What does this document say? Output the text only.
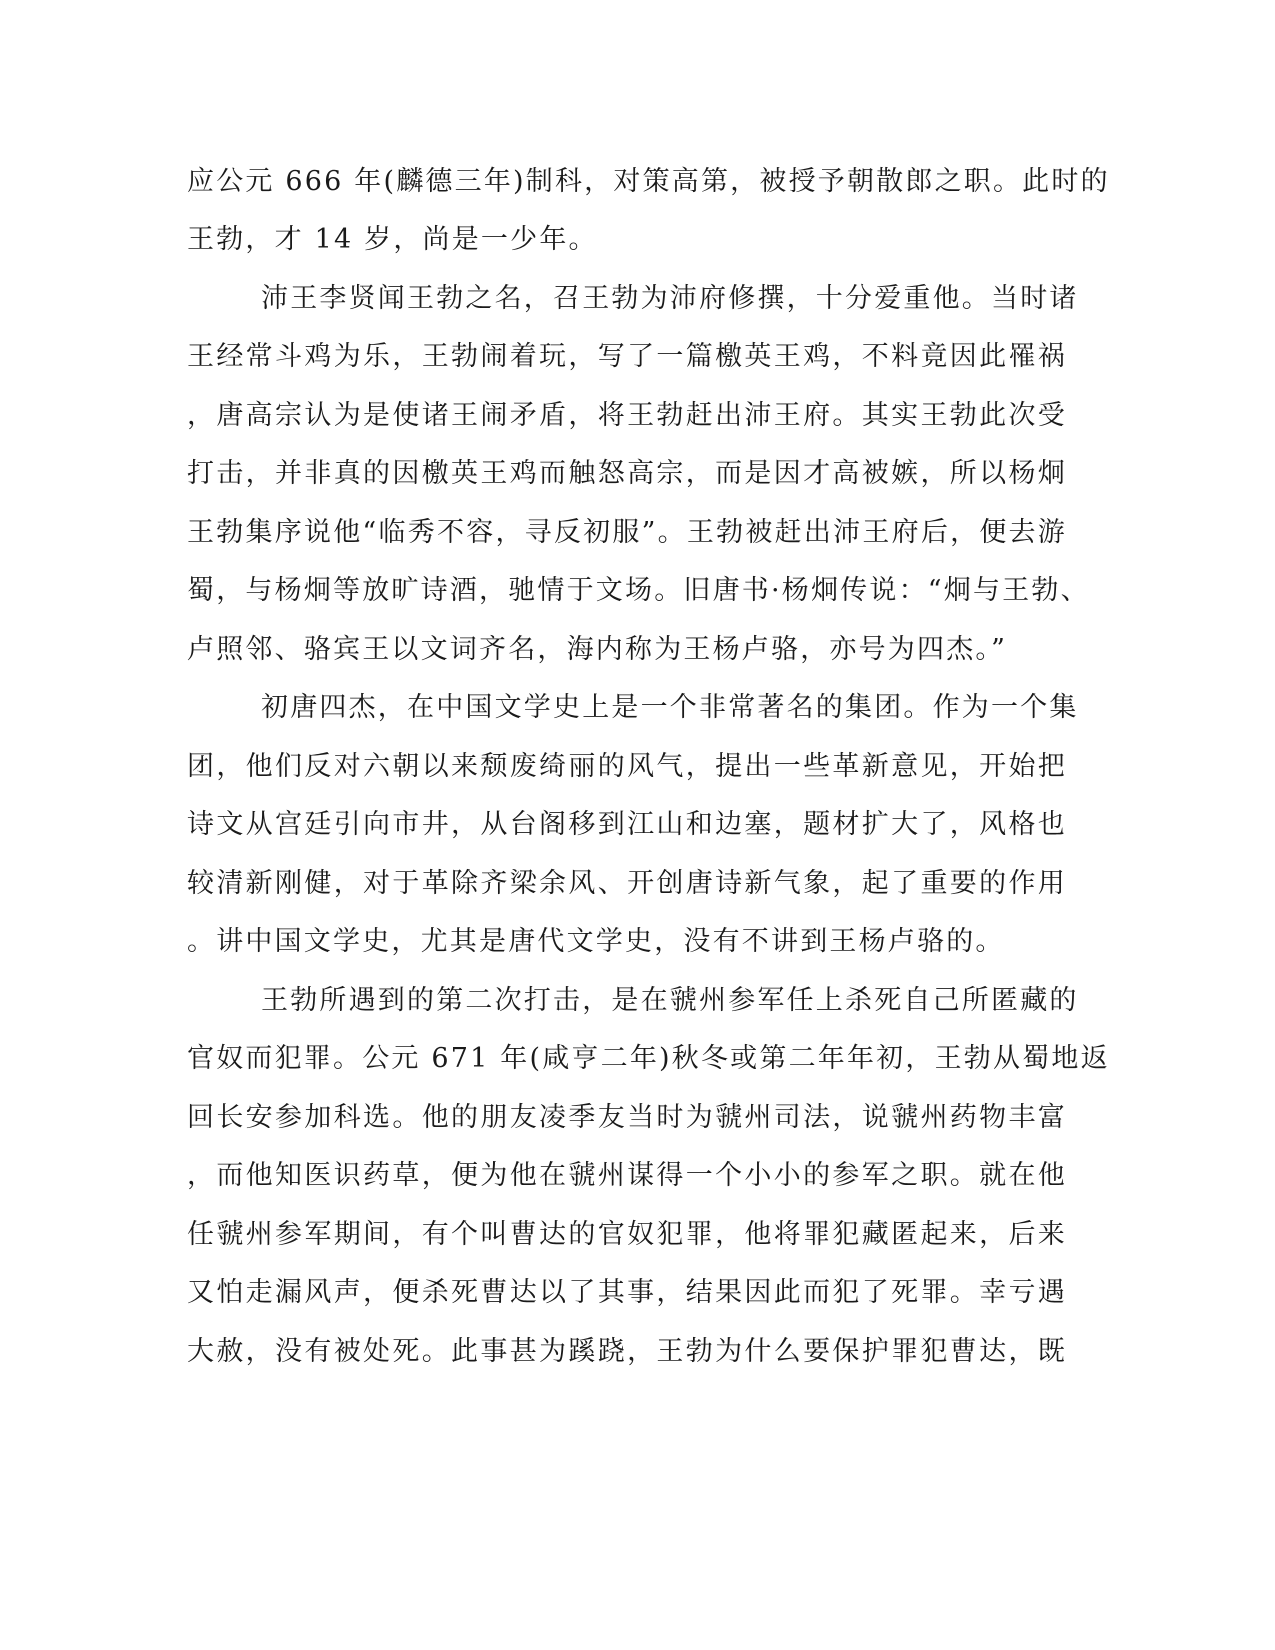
应公元 666 年(麟德三年)制科，对策高第，被授予朝散郎之职。此时的
王勃，才 14 岁，尚是一少年。
沛王李贤闻王勃之名，召王勃为沛府修撰，十分爱重他。当时诸
王经常斗鸡为乐，王勃闹着玩，写了一篇檄英王鸡，不料竟因此罹祸
，唐高宗认为是使诸王闹矛盾，将王勃赶出沛王府。其实王勃此次受
打击，并非真的因檄英王鸡而触怒高宗，而是因才高被嫉，所以杨炯
王勃集序说他“临秀不容，寻反初服”。王勃被赶出沛王府后，便去游
蜀，与杨炯等放旷诗酒，驰情于文场。旧唐书·杨炯传说：“炯与王勃、
卢照邻、骆宾王以文词齐名，海内称为王杨卢骆，亦号为四杰。”
初唐四杰，在中国文学史上是一个非常著名的集团。作为一个集
团，他们反对六朝以来颓废绮丽的风气，提出一些革新意见，开始把
诗文从宫廷引向市井，从台阁移到江山和边塞，题材扩大了，风格也
较清新刚健，对于革除齐梁余风、开创唐诗新气象，起了重要的作用
。讲中国文学史，尤其是唐代文学史，没有不讲到王杨卢骆的。
王勃所遇到的第二次打击，是在虢州参军任上杀死自己所匿藏的
官奴而犯罪。公元 671 年(咸亨二年)秋冬或第二年年初，王勃从蜀地返
回长安参加科选。他的朋友凌季友当时为虢州司法，说虢州药物丰富
，而他知医识药草，便为他在虢州谋得一个小小的参军之职。就在他
任虢州参军期间，有个叫曹达的官奴犯罪，他将罪犯藏匿起来，后来
又怕走漏风声，便杀死曹达以了其事，结果因此而犯了死罪。幸亏遇
大赦，没有被处死。此事甚为蹊跷，王勃为什么要保护罪犯曹达，既
